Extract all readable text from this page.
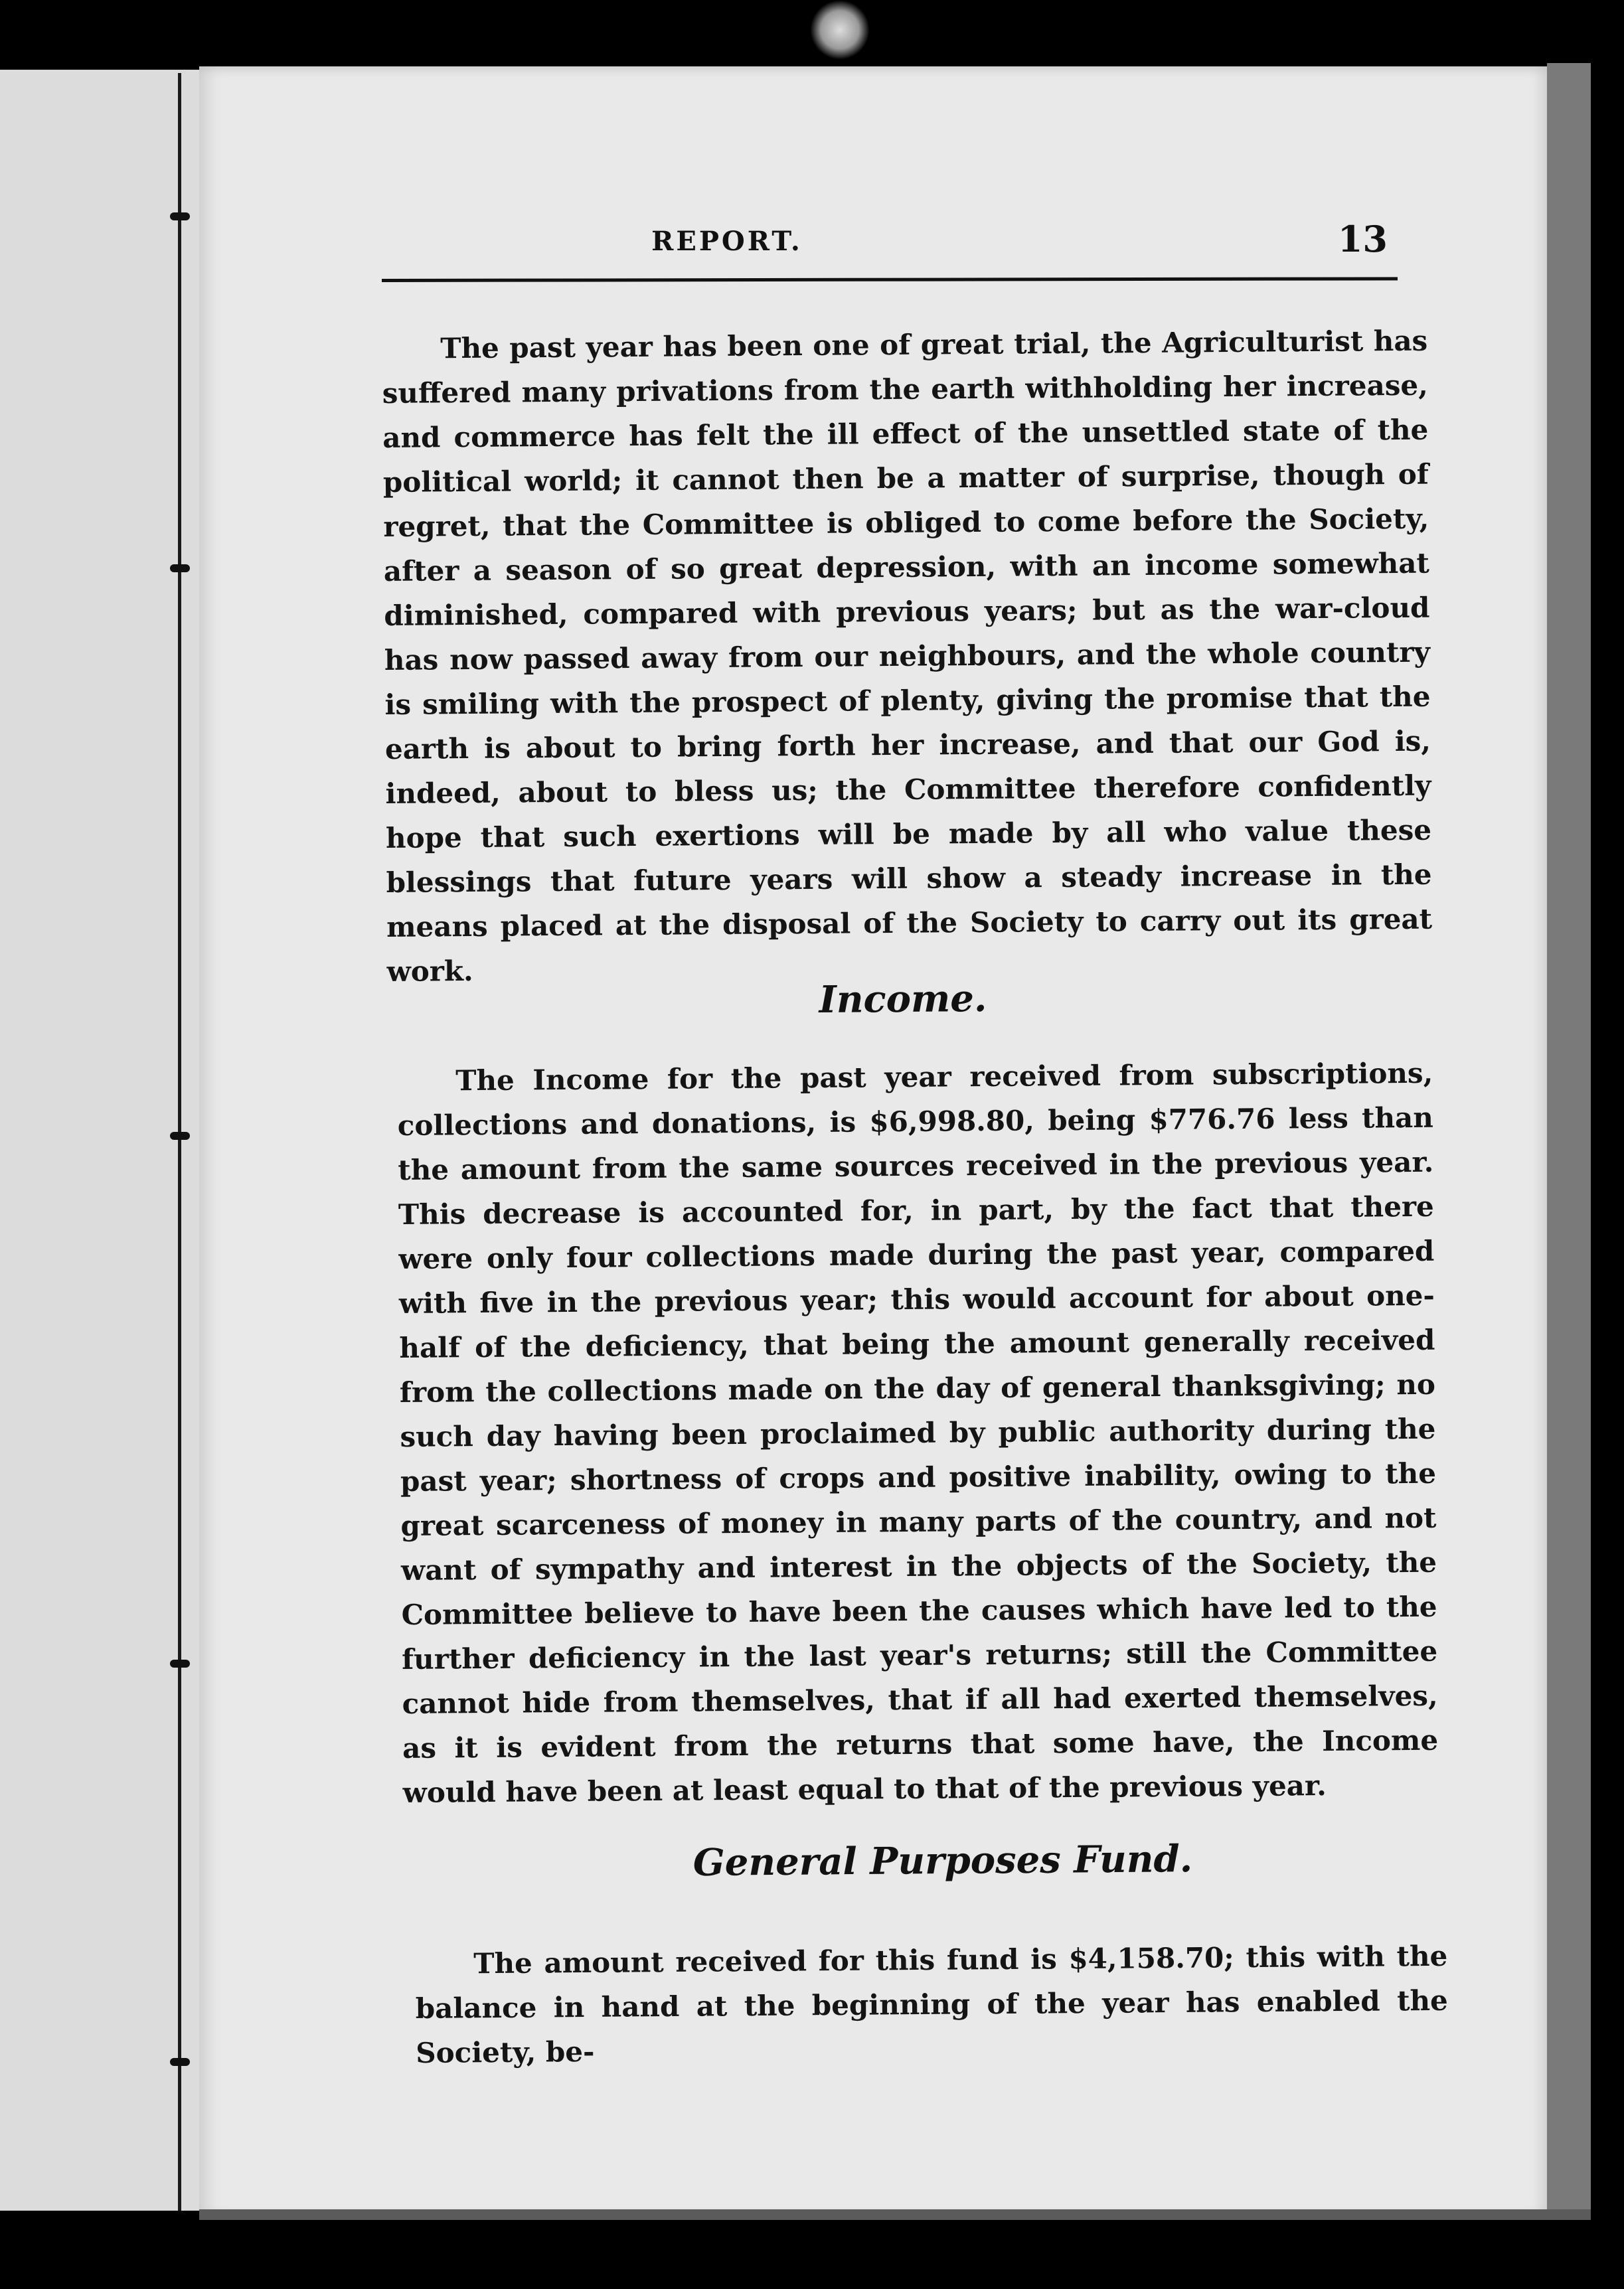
REPORT.	13
The past year has been one of great trial, the Agriculturist has suffered many privations from the earth withholding her increase, and commerce has felt the ill effect of the unsettled state of the political world; it cannot then be a matter of surprise, though of regret, that the Committee is obliged to come before the Society, after a season of so great depression, with an income somewhat diminished, compared with previous years; but as the war-cloud has now passed away from our neighbours, and the whole country is smiling with the prospect of plenty, giving the promise that the earth is about to bring forth her increase, and that our God is, indeed, about to bless us; the Committee therefore confidently hope that such exertions will be made by all who value these blessings that future years will show a steady increase in the means placed at the disposal of the Society to carry out its great work.
Income.
The Income for the past year received from subscriptions, collections and donations, is $6,998.80, being $776.76 less than the amount from the same sources received in the previous year. This decrease is accounted for, in part, by the fact that there were only four collections made during the past year, compared with five in the previous year; this would account for about one-half of the deficiency, that being the amount generally received from the collections made on the day of general thanksgiving; no such day having been proclaimed by public authority during the past year; shortness of crops and positive inability, owing to the great scarceness of money in many parts of the country, and not want of sympathy and interest in the objects of the Society, the Committee believe to have been the causes which have led to the further deficiency in the last year's returns; still the Committee cannot hide from themselves, that if all had exerted themselves, as it is evident from the returns that some have, the Income would have been at least equal to that of the previous year.
General Purposes Fund.
The amount received for this fund is $4,158.70; this with the balance in hand at the beginning of the year has enabled the Society, be-
